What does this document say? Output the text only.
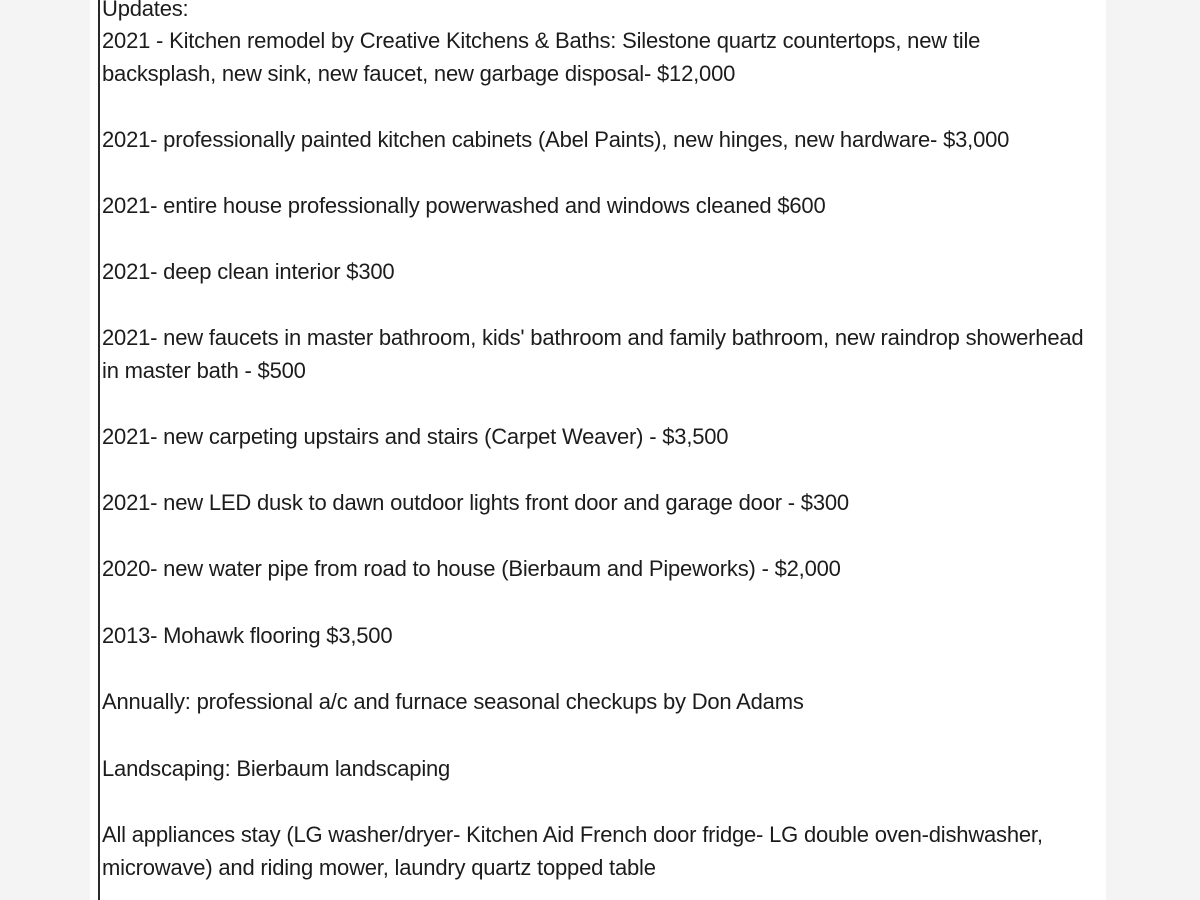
Updates:

2021 - Kitchen remodel by Creative Kitchens & Baths: Silestone quartz countertops, new tile backsplash, new sink, new faucet, new garbage disposal- $12,000

2021- professionally painted kitchen cabinets (Abel Paints), new hinges, new hardware- $3,000

2021- entire house professionally powerwashed and windows cleaned $600

2021- deep clean interior $300

2021- new faucets in master bathroom, kids' bathroom and family bathroom, new raindrop showerhead in master bath - $500

2021- new carpeting upstairs and stairs (Carpet Weaver) - $3,500

2021- new LED dusk to dawn outdoor lights front door and garage door - $300

2020- new water pipe from road to house (Bierbaum and Pipeworks) - $2,000

2013- Mohawk flooring $3,500

Annually: professional a/c and furnace seasonal checkups by Don Adams

Landscaping: Bierbaum landscaping

All appliances stay (LG washer/dryer- Kitchen Aid French door fridge- LG double oven-dishwasher, microwave) and riding mower, laundry quartz topped table
